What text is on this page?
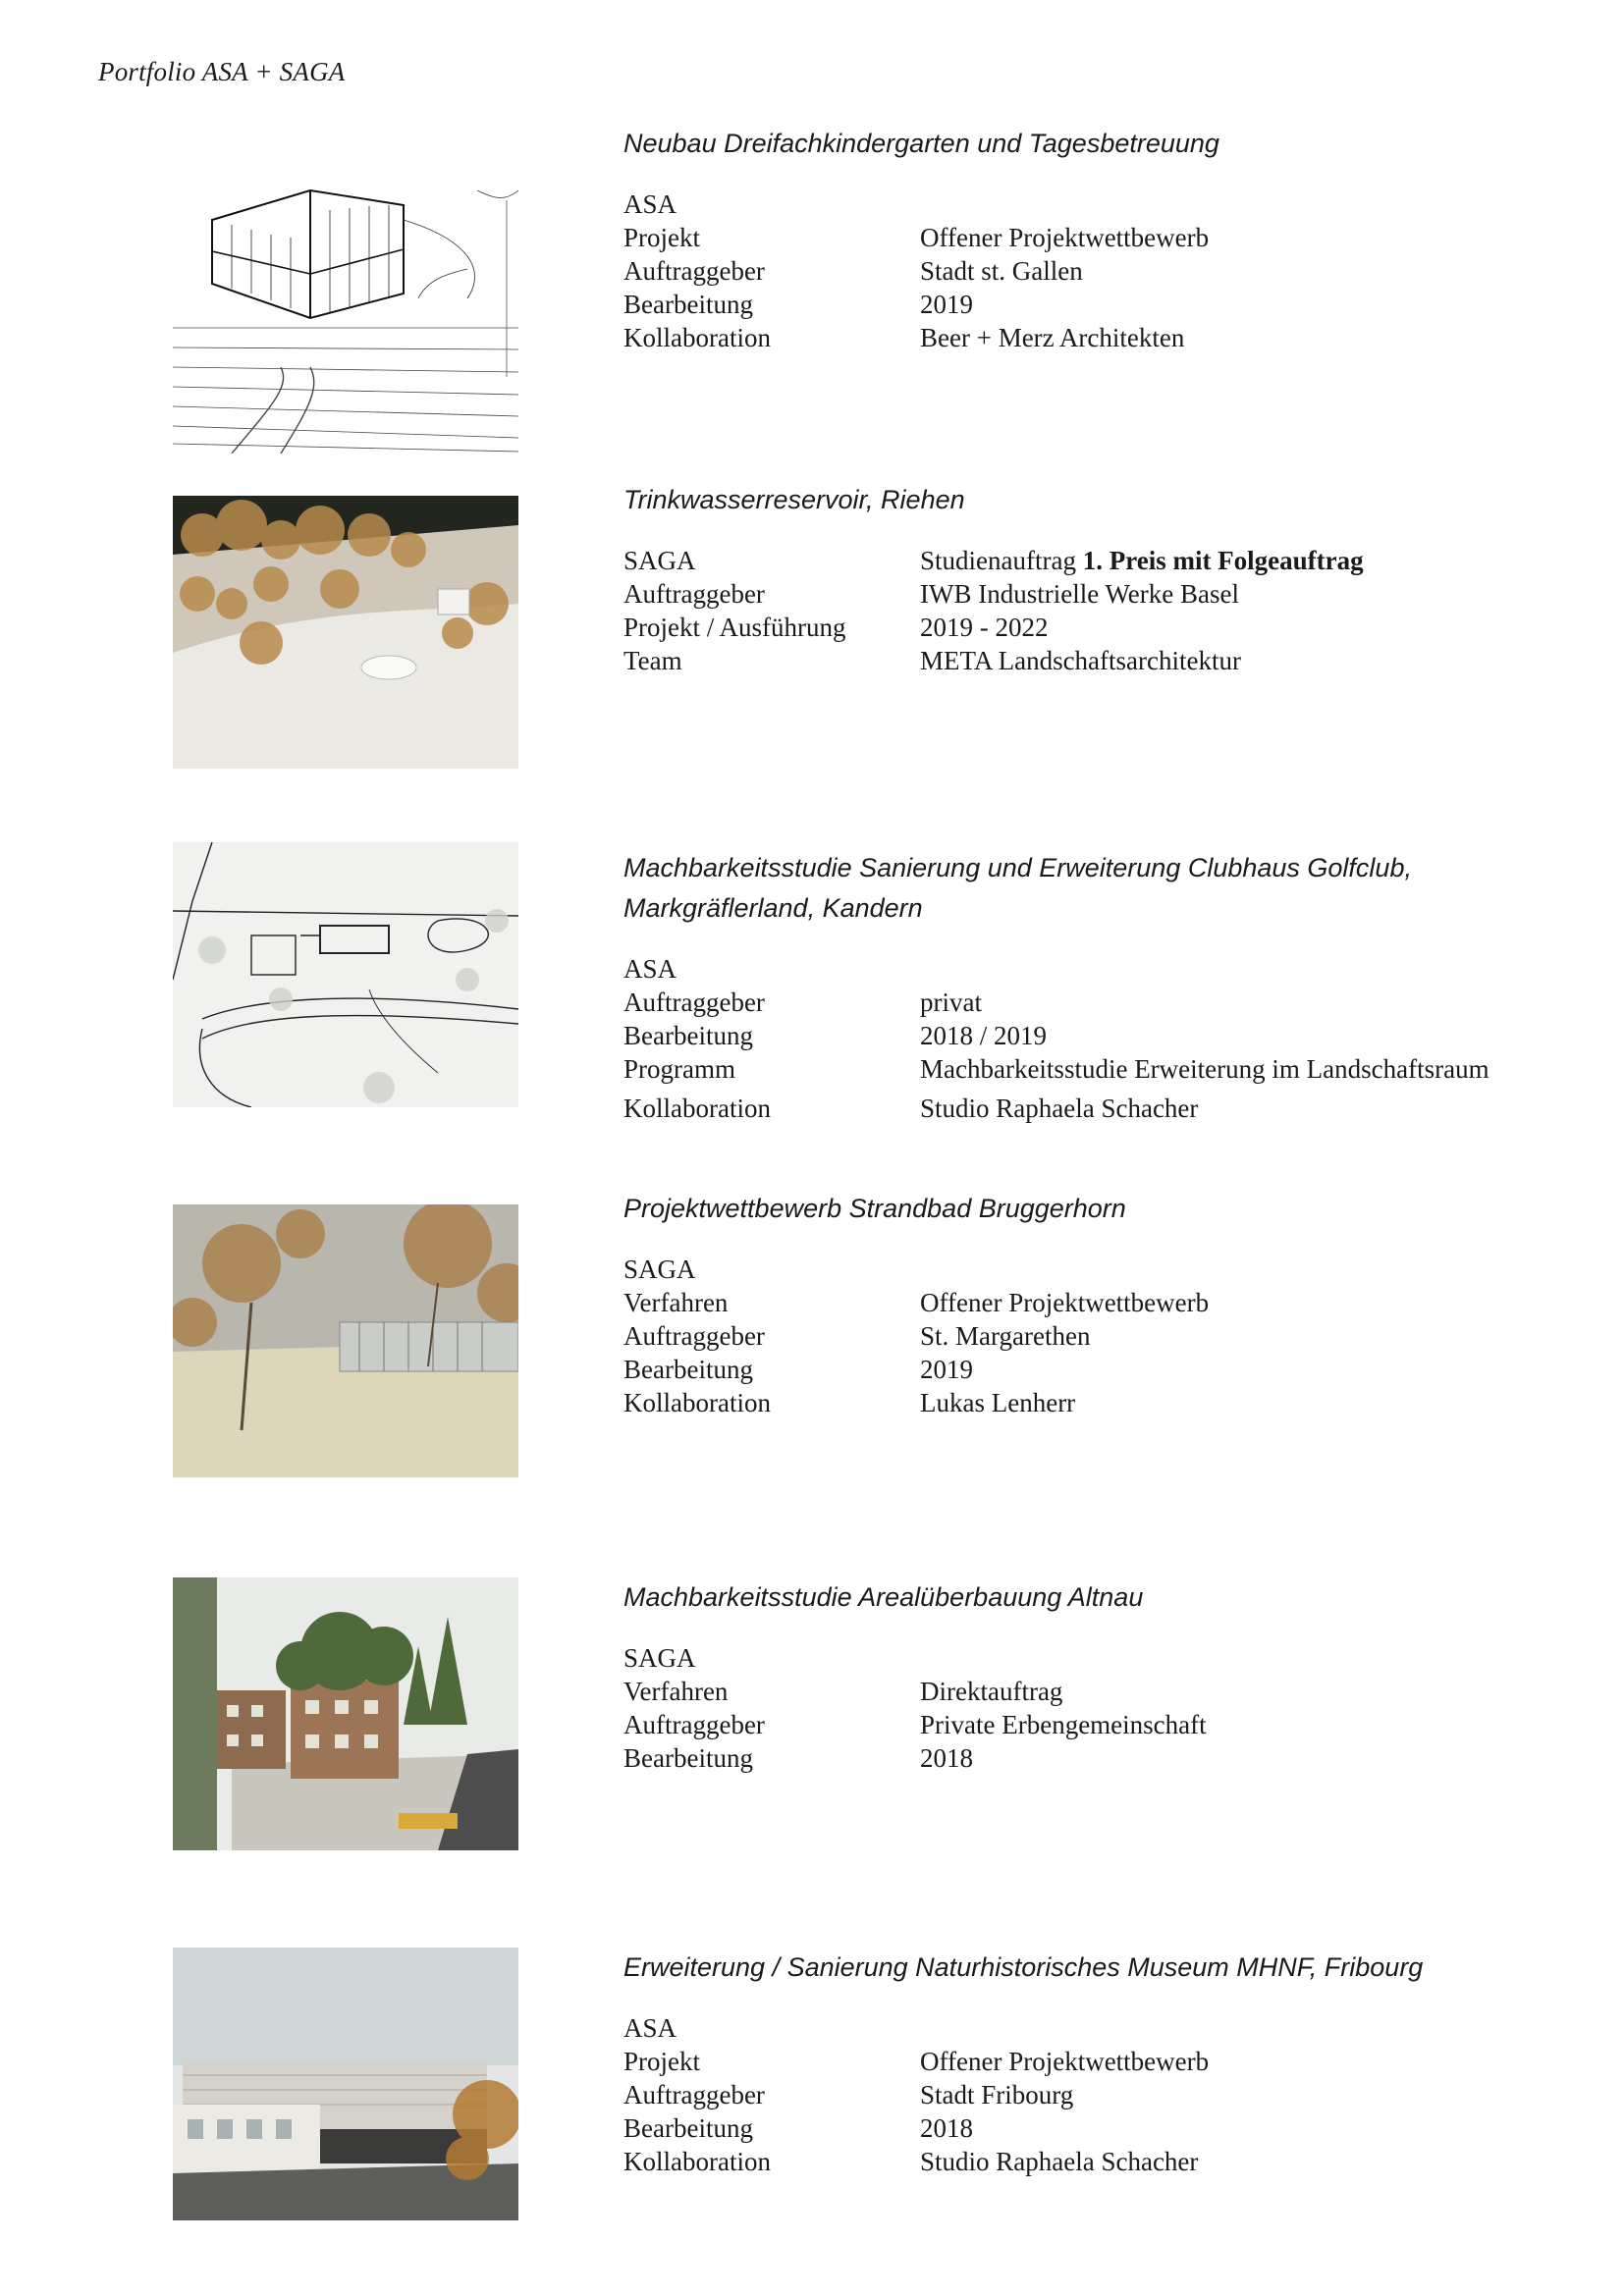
Portfolio ASA + SAGA
Neubau Dreifachkindergarten und Tagesbetreuung
ASA
Projekt	Offener Projektwettbewerb
Auftraggeber	Stadt st. Gallen
Bearbeitung	2019
Kollaboration	Beer + Merz Architekten
Trinkwasserreservoir, Riehen
SAGA	Studienauftrag 1. Preis mit Folgeauftrag
Auftraggeber	IWB Industrielle Werke Basel
Projekt / Ausführung	2019 - 2022
Team	META Landschaftsarchitektur
Machbarkeitsstudie Sanierung und Erweiterung Clubhaus Golfclub, Markgräflerland, Kandern
ASA
Auftraggeber	privat
Bearbeitung	2018 / 2019
Programm	Machbarkeitsstudie Erweiterung im Landschaftsraum
Kollaboration	Studio Raphaela Schacher
Projektwettbewerb Strandbad Bruggerhorn
SAGA
Verfahren	Offener Projektwettbewerb
Auftraggeber	St. Margarethen
Bearbeitung	2019
Kollaboration	Lukas Lenherr
Machbarkeitsstudie Arealüberbauung Altnau
SAGA
Verfahren	Direktauftrag
Auftraggeber	Private Erbengemeinschaft
Bearbeitung	2018
Erweiterung / Sanierung Naturhistorisches Museum MHNF, Fribourg
ASA
Projekt	Offener Projektwettbewerb
Auftraggeber	Stadt Fribourg
Bearbeitung	2018
Kollaboration	Studio Raphaela Schacher
